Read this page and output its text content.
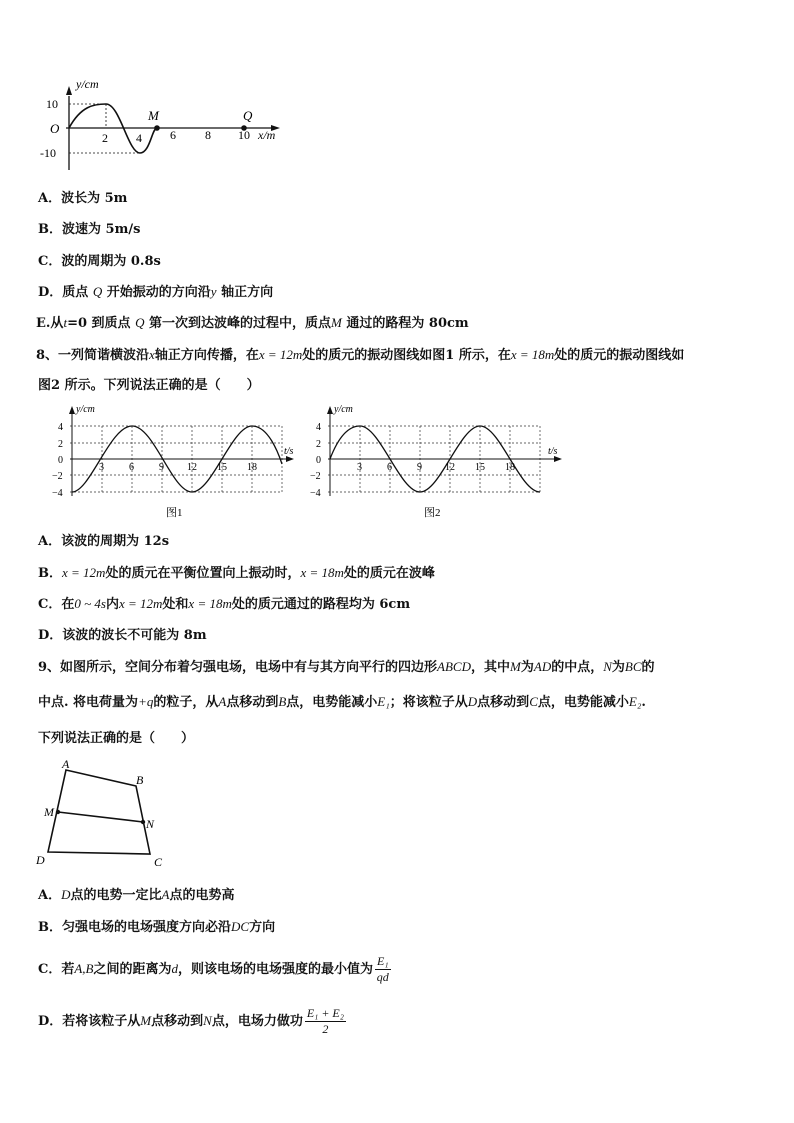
y/cm
10
O
-10
2 4 6 8 10 x/m
M	Q
A．波长为 5m
B．波速为 5m/s
C．波的周期为 0.8s
D．质点 Q 开始振动的方向沿y 轴正方向
E.从t=0 到质点 Q 第一次到达波峰的过程中，质点M 通过的路程为 80cm
8、一列简谐横波沿x轴正方向传播，在x = 12m处的质元的振动图线如图1 所示，在x = 18m处的质元的振动图线如
图2 所示。下列说法正确的是（　　）
y/cm
4
2
0
−2
−4
3	6	9 12 15 18
t/s
图1
y/cm
4
2
0
−2
−4
3	6	9 12 15 18
t/s
图2
A．该波的周期为 12s
B．x = 12m处的质元在平衡位置向上振动时，x = 18m处的质元在波峰
C．在0 ~ 4s内x = 12m处和x = 18m处的质元通过的路程均为 6cm
D．该波的波长不可能为 8m
9、如图所示，空间分布着匀强电场，电场中有与其方向平行的四边形ABCD，其中M为AD的中点，N为BC的
中点. 将电荷量为+q的粒子，从A点移动到B点，电势能减小E₁；将该粒子从D点移动到C点，电势能减小E₂.
下列说法正确的是（　　）
A
B
C
D
M
N
A．D点的电势一定比A点的电势高
B．匀强电场的电场强度方向必沿DC方向
C．若A,B之间的距离为d，则该电场的电场强度的最小值为 $\frac{\text{E₁}}{qd}$
D．若将该粒子从M点移动到N点，电场力做功 $\frac{\text{E₁ + E₂}}{2}$
